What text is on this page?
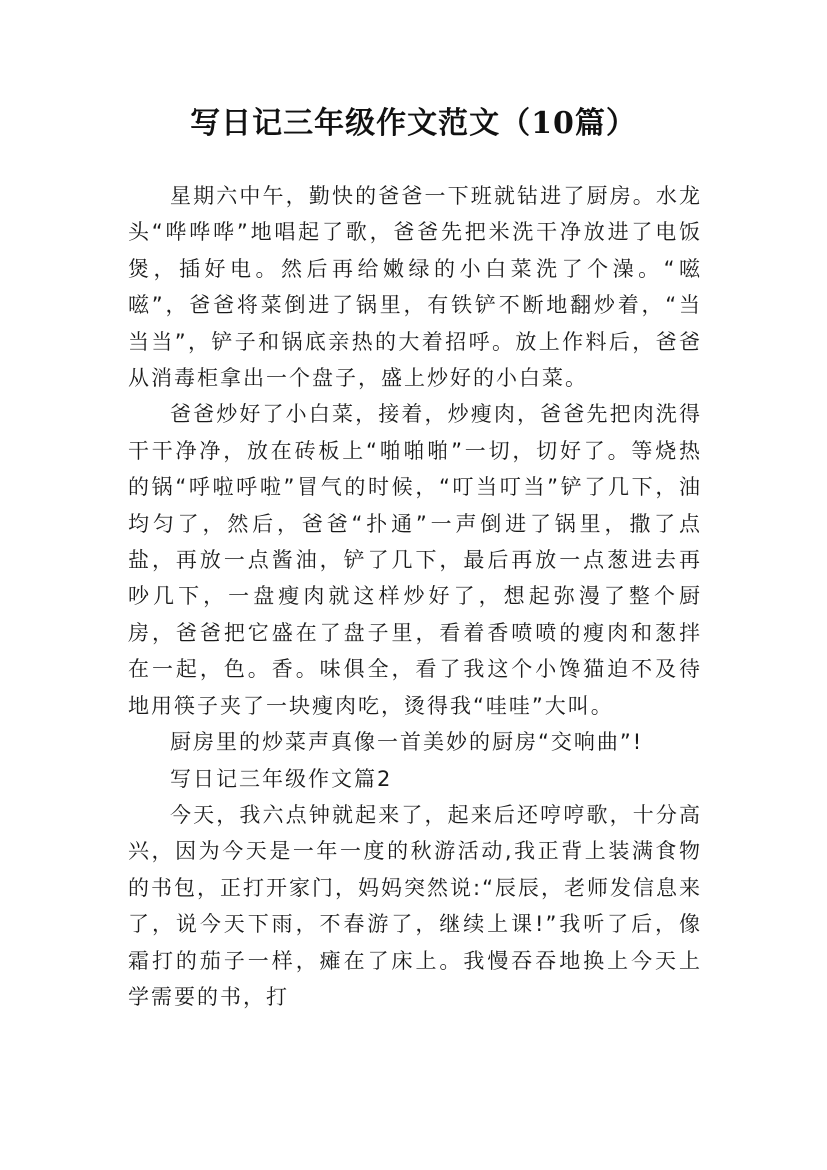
写日记三年级作文范文（10篇）

星期六中午，勤快的爸爸一下班就钻进了厨房。水龙头“哗哗哗”地唱起了歌，爸爸先把米洗干净放进了电饭煲，插好电。然后再给嫩绿的小白菜洗了个澡。“嗞嗞”，爸爸将菜倒进了锅里，有铁铲不断地翻炒着，“当当当”，铲子和锅底亲热的大着招呼。放上作料后，爸爸从消毒柜拿出一个盘子，盛上炒好的小白菜。

爸爸炒好了小白菜，接着，炒瘦肉，爸爸先把肉洗得干干净净，放在砖板上“啪啪啪”一切，切好了。等烧热的锅“呼啦呼啦”冒气的时候，“叮当叮当”铲了几下，油均匀了，然后，爸爸“扑通”一声倒进了锅里，撒了点盐，再放一点酱油，铲了几下，最后再放一点葱进去再吵几下，一盘瘦肉就这样炒好了，想起弥漫了整个厨房，爸爸把它盛在了盘子里，看着香喷喷的瘦肉和葱拌在一起，色。香。味俱全，看了我这个小馋猫迫不及待地用筷子夹了一块瘦肉吃，烫得我“哇哇”大叫。

厨房里的炒菜声真像一首美妙的厨房“交响曲”!

写日记三年级作文篇2

今天，我六点钟就起来了，起来后还哼哼歌，十分高兴，因为今天是一年一度的秋游活动,我正背上装满食物的书包，正打开家门，妈妈突然说:“辰辰，老师发信息来了，说今天下雨，不春游了，继续上课!”我听了后，像霜打的茄子一样，瘫在了床上。我慢吞吞地换上今天上学需要的书，打
